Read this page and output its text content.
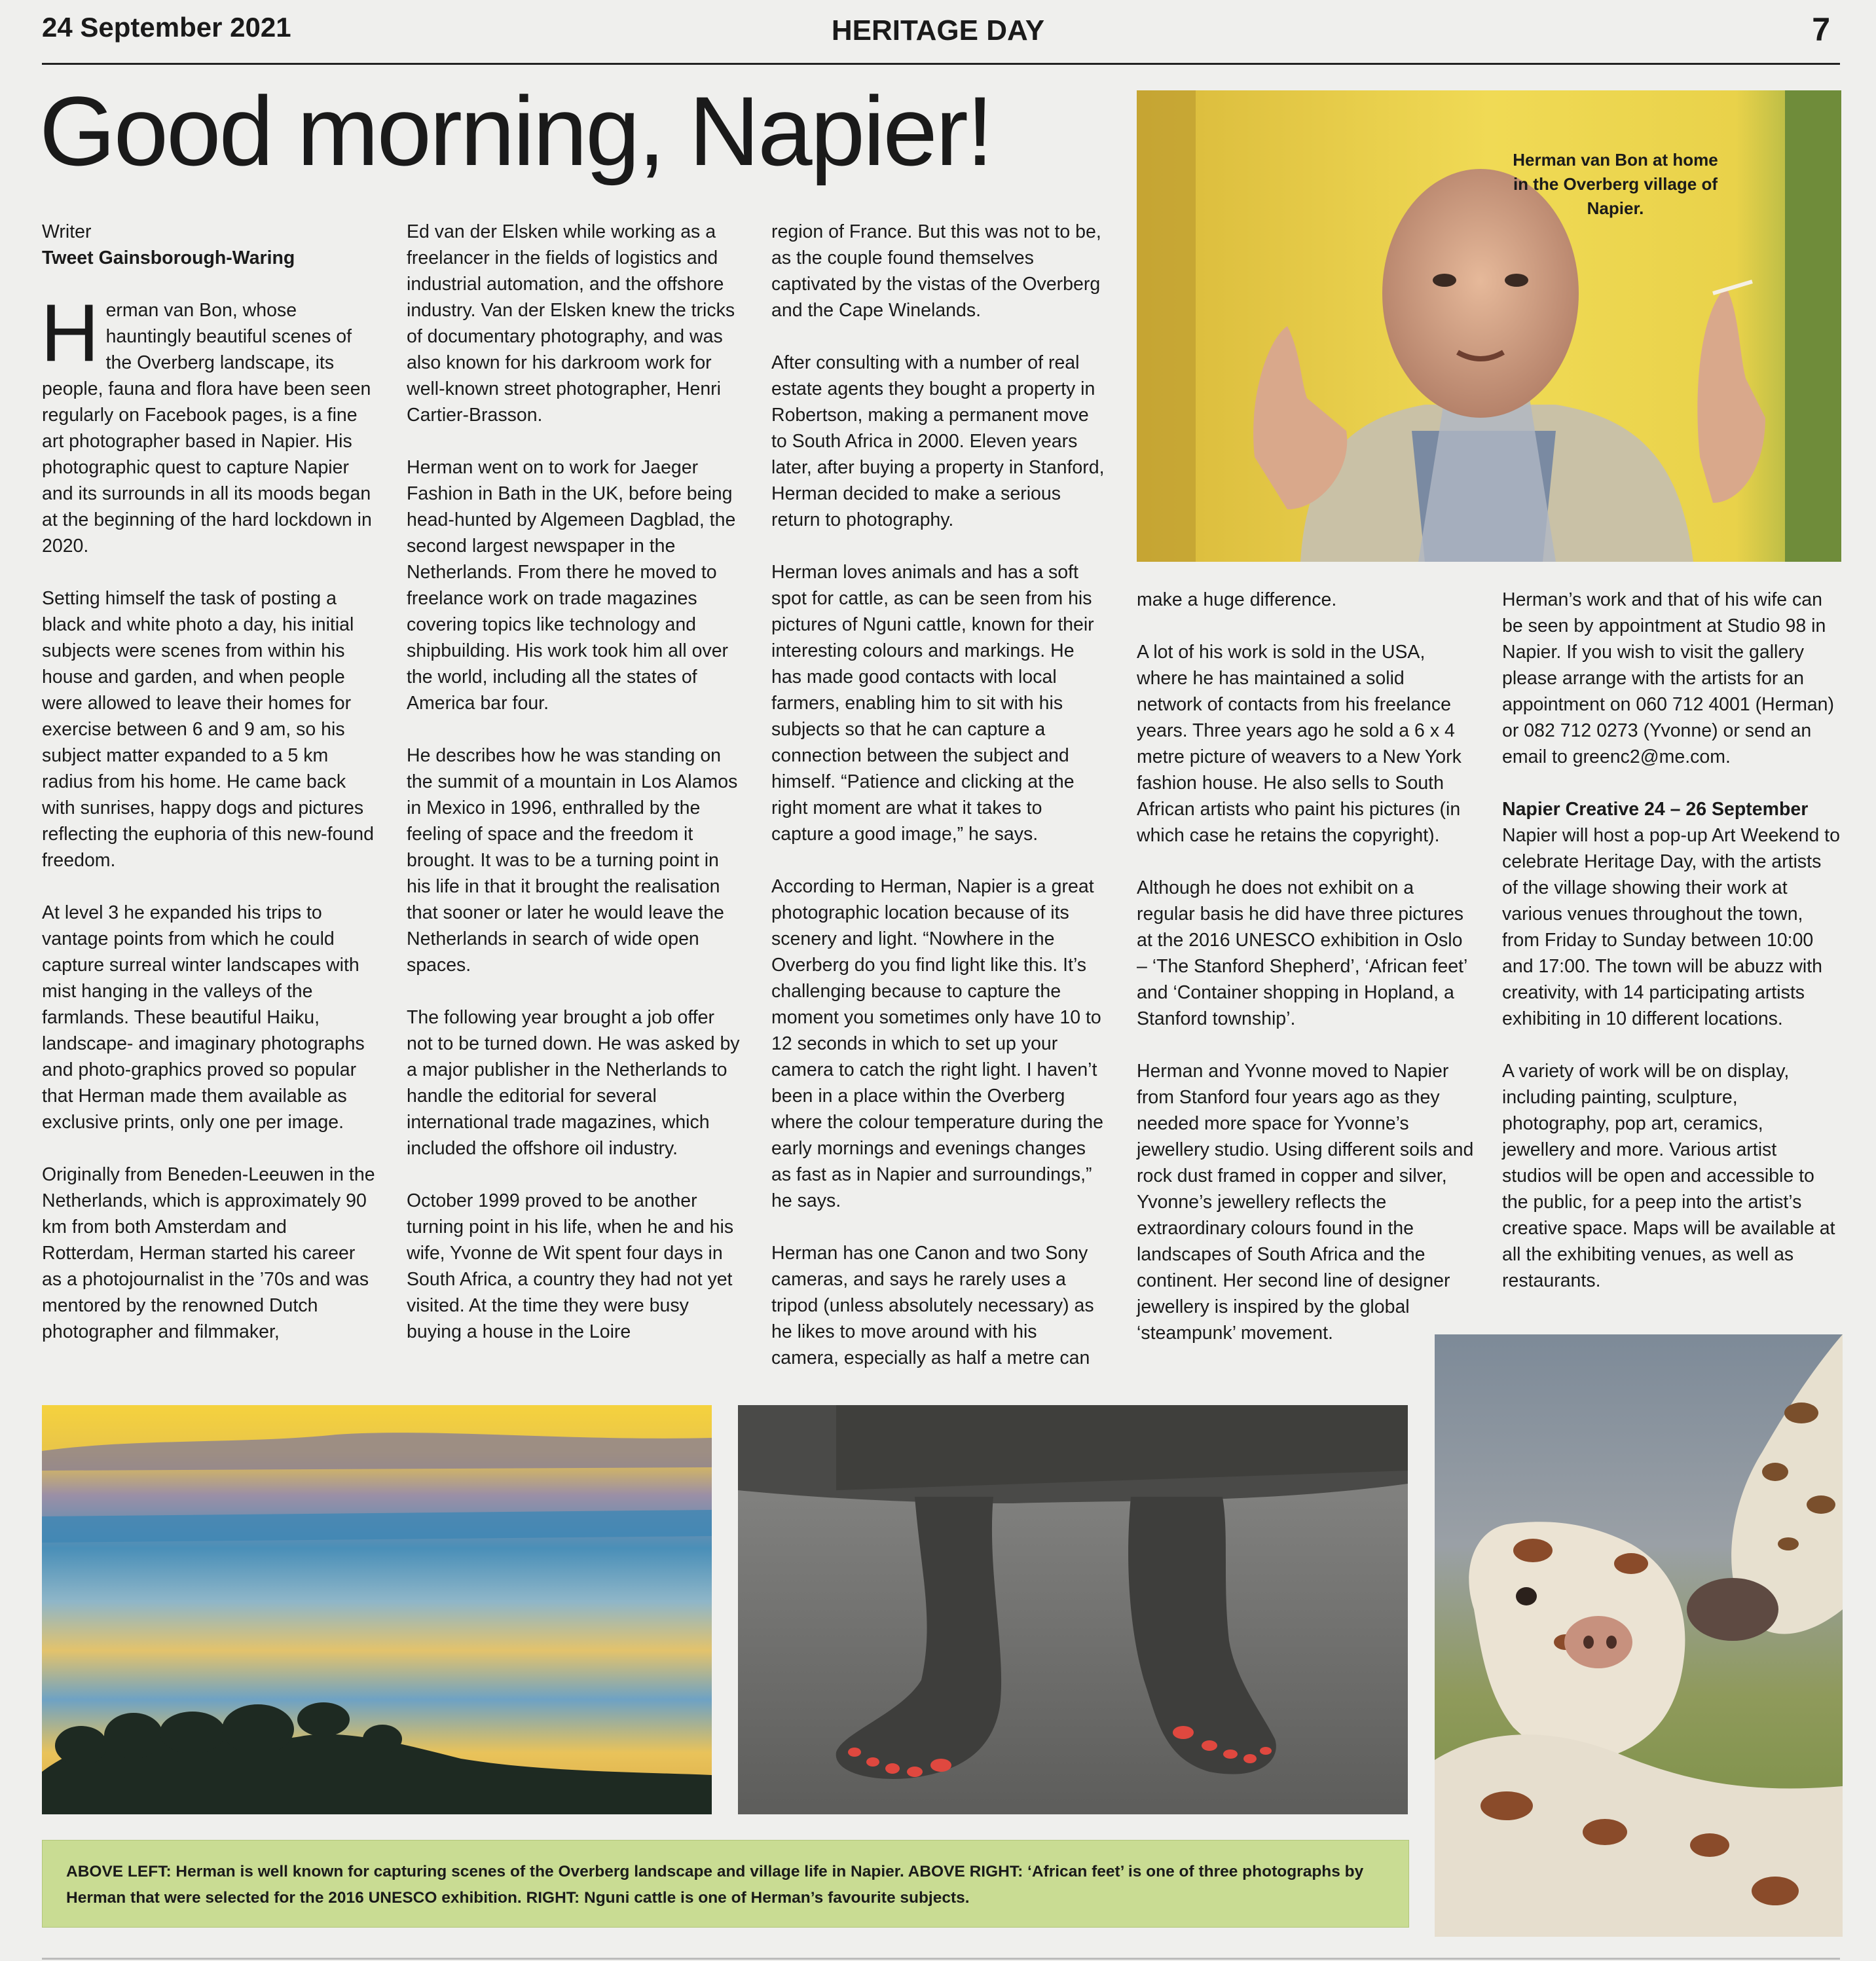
24 September 2021	HERITAGE DAY	7
Good morning, Napier!

Writer
Tweet Gainsborough-Waring

Herman van Bon, whose hauntingly beautiful scenes of the Overberg landscape, its people, fauna and flora have been seen regularly on Facebook pages, is a fine art photographer based in Napier. His photographic quest to capture Napier and its surrounds in all its moods began at the beginning of the hard lockdown in 2020.

Setting himself the task of posting a black and white photo a day, his initial subjects were scenes from within his house and garden, and when people were allowed to leave their homes for exercise between 6 and 9 am, so his subject matter expanded to a 5 km radius from his home. He came back with sunrises, happy dogs and pictures reflecting the euphoria of this new-found freedom.

At level 3 he expanded his trips to vantage points from which he could capture surreal winter landscapes with mist hanging in the valleys of the farmlands. These beautiful Haiku, landscape- and imaginary photographs and photo-graphics proved so popular that Herman made them available as exclusive prints, only one per image.

Originally from Beneden-Leeuwen in the Netherlands, which is approximately 90 km from both Amsterdam and Rotterdam, Herman started his career as a photojournalist in the ’70s and was mentored by the renowned Dutch photographer and filmmaker,

Ed van der Elsken while working as a freelancer in the fields of logistics and industrial automation, and the offshore industry. Van der Elsken knew the tricks of documentary photography, and was also known for his darkroom work for well-known street photographer, Henri Cartier-Brasson.

Herman went on to work for Jaeger Fashion in Bath in the UK, before being head-hunted by Algemeen Dagblad, the second largest newspaper in the Netherlands. From there he moved to freelance work on trade magazines covering topics like technology and shipbuilding. His work took him all over the world, including all the states of America bar four.

He describes how he was standing on the summit of a mountain in Los Alamos in Mexico in 1996, enthralled by the feeling of space and the freedom it brought. It was to be a turning point in his life in that it brought the realisation that sooner or later he would leave the Netherlands in search of wide open spaces.

The following year brought a job offer not to be turned down. He was asked by a major publisher in the Netherlands to handle the editorial for several international trade magazines, which included the offshore oil industry.

October 1999 proved to be another turning point in his life, when he and his wife, Yvonne de Wit spent four days in South Africa, a country they had not yet visited. At the time they were busy buying a house in the Loire

region of France. But this was not to be, as the couple found themselves captivated by the vistas of the Overberg and the Cape Winelands.

After consulting with a number of real estate agents they bought a property in Robertson, making a permanent move to South Africa in 2000. Eleven years later, after buying a property in Stanford, Herman decided to make a serious return to photography.

Herman loves animals and has a soft spot for cattle, as can be seen from his pictures of Nguni cattle, known for their interesting colours and markings. He has made good contacts with local farmers, enabling him to sit with his subjects so that he can capture a connection between the subject and himself. “Patience and clicking at the right moment are what it takes to capture a good image,” he says.

According to Herman, Napier is a great photographic location because of its scenery and light. “Nowhere in the Overberg do you find light like this. It’s challenging because to capture the moment you sometimes only have 10 to 12 seconds in which to set up your camera to catch the right light. I haven’t been in a place within the Overberg where the colour temperature during the early mornings and evenings changes as fast as in Napier and surroundings,” he says.

Herman has one Canon and two Sony cameras, and says he rarely uses a tripod (unless absolutely necessary) as he likes to move around with his camera, especially as half a metre can

make a huge difference.

A lot of his work is sold in the USA, where he has maintained a solid network of contacts from his freelance years. Three years ago he sold a 6 x 4 metre picture of weavers to a New York fashion house. He also sells to South African artists who paint his pictures (in which case he retains the copyright).

Although he does not exhibit on a regular basis he did have three pictures at the 2016 UNESCO exhibition in Oslo – ‘The Stanford Shepherd’, ‘African feet’ and ‘Container shopping in Hopland, a Stanford township’.

Herman and Yvonne moved to Napier from Stanford four years ago as they needed more space for Yvonne’s jewellery studio. Using different soils and rock dust framed in copper and silver, Yvonne’s jewellery reflects the extraordinary colours found in the landscapes of South Africa and the continent. Her second line of designer jewellery is inspired by the global ‘steampunk’ movement.

Herman’s work and that of his wife can be seen by appointment at Studio 98 in Napier. If you wish to visit the gallery please arrange with the artists for an appointment on 060 712 4001 (Herman) or 082 712 0273 (Yvonne) or send an email to greenc2@me.com.

Napier Creative 24 – 26 September
Napier will host a pop-up Art Weekend to celebrate Heritage Day, with the artists of the village showing their work at various venues throughout the town, from Friday to Sunday between 10:00 and 17:00. The town will be abuzz with creativity, with 14 participating artists exhibiting in 10 different locations.

A variety of work will be on display, including painting, sculpture, photography, pop art, ceramics, jewellery and more. Various artist studios will be open and accessible to the public, for a peep into the artist’s creative space. Maps will be available at all the exhibiting venues, as well as restaurants.

Herman van Bon at home in the Overberg village of Napier.
ABOVE LEFT: Herman is well known for capturing scenes of the Overberg landscape and village life in Napier. ABOVE RIGHT: ‘African feet’ is one of three photographs by Herman that were selected for the 2016 UNESCO exhibition. RIGHT: Nguni cattle is one of Herman’s favourite subjects.
